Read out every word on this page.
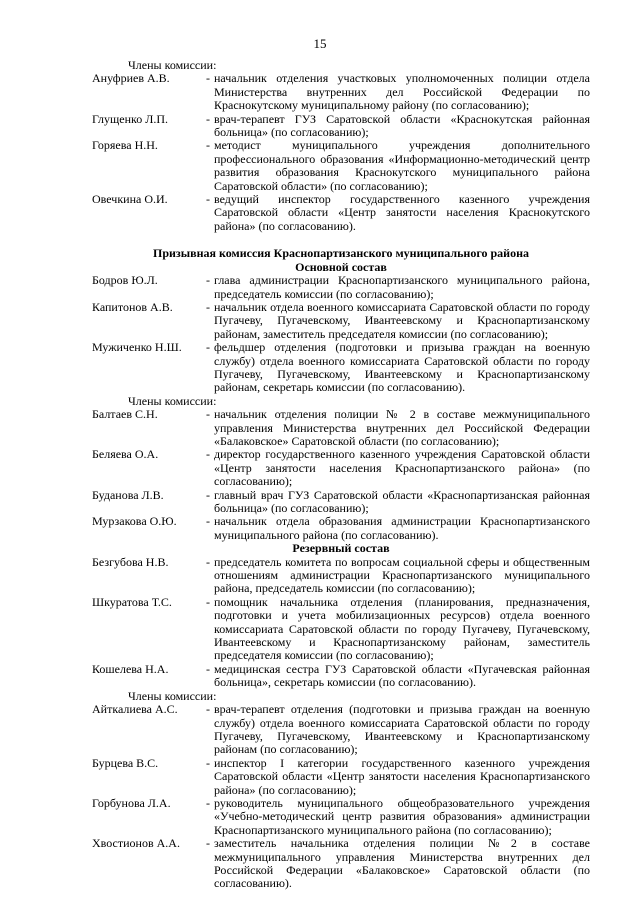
15
Члены комиссии:
Ануфриев А.В.	- начальник отделения участковых уполномоченных полиции отдела Министерства внутренних дел Российской Федерации по Краснокутскому муниципальному району (по согласованию);
Глущенко Л.П.	- врач-терапевт ГУЗ Саратовской области «Краснокутская районная больница» (по согласованию);
Горяева Н.Н.	- методист муниципального учреждения дополнительного профессионального образования «Информационно-методический центр развития образования Краснокутского муниципального района Саратовской области» (по согласованию);
Овечкина О.И.	- ведущий инспектор государственного казенного учреждения Саратовской области «Центр занятости населения Краснокутского района» (по согласованию).
Призывная комиссия Краснопартизанского муниципального района
Основной состав
Бодров Ю.Л.	- глава администрации Краснопартизанского муниципального района, председатель комиссии (по согласованию);
Капитонов А.В.	- начальник отдела военного комиссариата Саратовской области по городу Пугачеву, Пугачевскому, Ивантеевскому и Краснопартизанскому районам, заместитель председателя комиссии (по согласованию);
Мужиченко Н.Ш.	- фельдшер отделения (подготовки и призыва граждан на военную службу) отдела военного комиссариата Саратовской области по городу Пугачеву, Пугачевскому, Ивантеевскому и Краснопартизанскому районам, секретарь комиссии (по согласованию).
Члены комиссии:
Балтаев С.Н.	- начальник отделения полиции № 2 в составе межмуниципального управления Министерства внутренних дел Российской Федерации «Балаковское» Саратовской области (по согласованию);
Беляева О.А.	- директор государственного казенного учреждения Саратовской области «Центр занятости населения Краснопартизанского района» (по согласованию);
Буданова Л.В.	- главный врач ГУЗ Саратовской области «Краснопартизанская районная больница» (по согласованию);
Мурзакова О.Ю.	- начальник отдела образования администрации Краснопартизанского муниципального района (по согласованию).
Резервный состав
Безгубова Н.В.	- председатель комитета по вопросам социальной сферы и общественным отношениям администрации Краснопартизанского муниципального района, председатель комиссии (по согласованию);
Шкуратова Т.С.	- помощник начальника отделения (планирования, предназначения, подготовки и учета мобилизационных ресурсов) отдела военного комиссариата Саратовской области по городу Пугачеву, Пугачевскому, Ивантеевскому и Краснопартизанскому районам, заместитель председателя комиссии (по согласованию);
Кошелева Н.А.	- медицинская сестра ГУЗ Саратовской области «Пугачевская районная больница», секретарь комиссии (по согласованию).
Члены комиссии:
Айткалиева А.С.	- врач-терапевт отделения (подготовки и призыва граждан на военную службу) отдела военного комиссариата Саратовской области по городу Пугачеву, Пугачевскому, Ивантеевскому и Краснопартизанскому районам (по согласованию);
Бурцева В.С.	- инспектор I категории государственного казенного учреждения Саратовской области «Центр занятости населения Краснопартизанского района» (по согласованию);
Горбунова Л.А.	- руководитель муниципального общеобразовательного учреждения «Учебно-методический центр развития образования» администрации Краснопартизанского муниципального района (по согласованию);
Хвостионов А.А.	- заместитель начальника отделения полиции №2 в составе межмуниципального управления Министерства внутренних дел Российской Федерации «Балаковское» Саратовской области (по согласованию).
